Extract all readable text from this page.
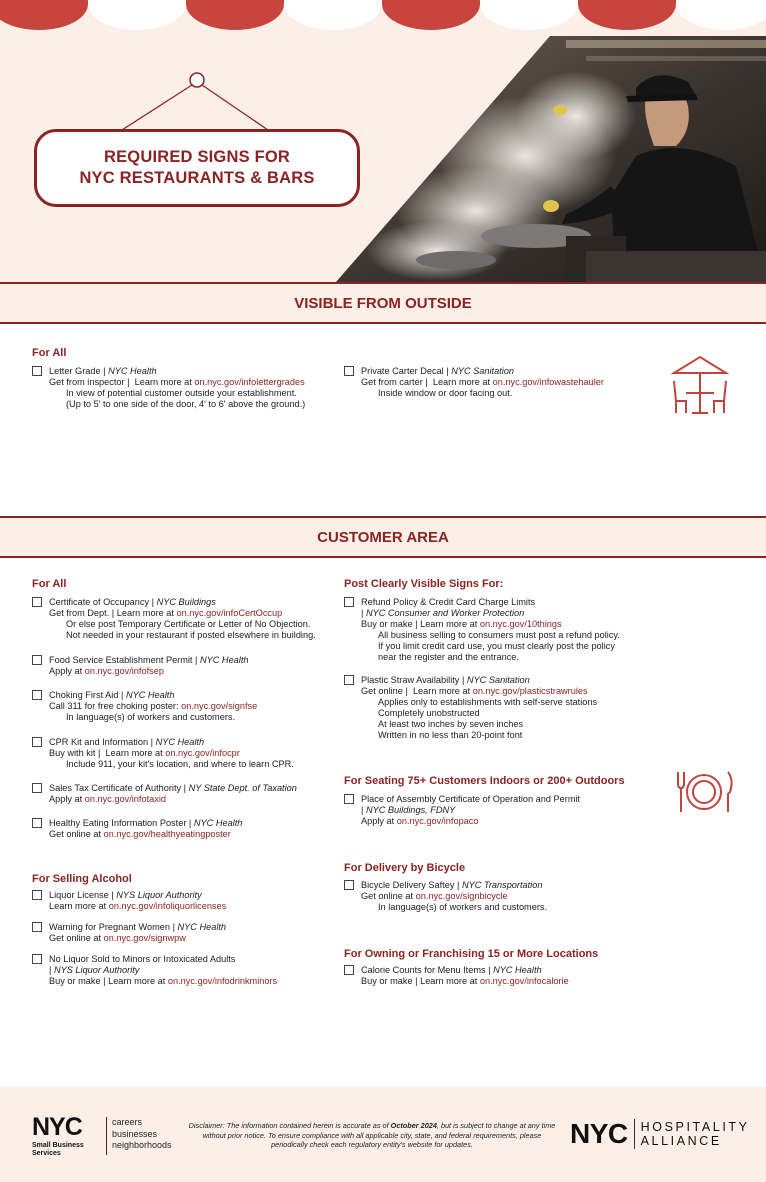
REQUIRED SIGNS FOR
NYC RESTAURANTS & BARS
VISIBLE FROM OUTSIDE
For All
Letter Grade | NYC Health
Get from inspector |  Learn more at on.nyc.gov/infolettergrades
In view of potential customer outside your establishment.
(Up to 5' to one side of the door, 4' to 6' above the ground.)
Private Carter Decal | NYC Sanitation
Get from carter |  Learn more at on.nyc.gov/infowastehauler
Inside window or door facing out.
CUSTOMER AREA
For All
Certificate of Occupancy | NYC Buildings
Get from Dept. | Learn more at on.nyc.gov/infoCertOccup
Or else post Temporary Certificate or Letter of No Objection.
Not needed in your restaurant if posted elsewhere in building.
Food Service Establishment Permit | NYC Health
Apply at on.nyc.gov/infofsep
Choking First Aid | NYC Health
Call 311 for free choking poster: on.nyc.gov/signfse
In language(s) of workers and customers.
CPR Kit and Information | NYC Health
Buy with kit |  Learn more at on.nyc.gov/infocpr
Include 911, your kit's location, and where to learn CPR.
Sales Tax Certificate of Authority | NY State Dept. of Taxation
Apply at on.nyc.gov/infotaxid
Healthy Eating Information Poster | NYC Health
Get online at on.nyc.gov/healthyeatingposter
For Selling Alcohol
Liquor License | NYS Liquor Authority
Learn more at on.nyc.gov/infoliquorlicenses
Warning for Pregnant Women | NYC Health
Get online at on.nyc.gov/signwpw
No Liquor Sold to Minors or Intoxicated Adults
| NYS Liquor Authority
Buy or make | Learn more at on.nyc.gov/infodrinkminors
Post Clearly Visible Signs For:
Refund Policy & Credit Card Charge Limits
| NYC Consumer and Worker Protection
Buy or make | Learn more at on.nyc.gov/10things
All business selling to consumers must post a refund policy.
If you limit credit card use, you must clearly post the policy
near the register and the entrance.
Plastic Straw Availability | NYC Sanitation
Get online |  Learn more at on.nyc.gov/plasticstrawrules
Applies only to establishments with self-serve stations
Completely unobstructed
At least two inches by seven inches
Written in no less than 20-point font
For Seating 75+ Customers Indoors or 200+ Outdoors
Place of Assembly Certificate of Operation and Permit
| NYC Buildings, FDNY
Apply at on.nyc.gov/infopaco
For Delivery by Bicycle
Bicycle Delivery Saftey | NYC Transportation
Get online at on.nyc.gov/signbicycle
In language(s) of workers and customers.
For Owning or Franchising 15 or More Locations
Calorie Counts for Menu Items | NYC Health
Buy or make | Learn more at on.nyc.gov/infocalorie
NYC
Small Business
Services
careers
businesses
neighborhoods
Disclaimer: The information contained herein is accurate as of October 2024, but is subject to change at any time without prior notice. To ensure compliance with all applicable city, state, and federal requirements, please periodically check each regulatory entity's website for updates.	NYC HOSPITALITY
ALLIANCE
